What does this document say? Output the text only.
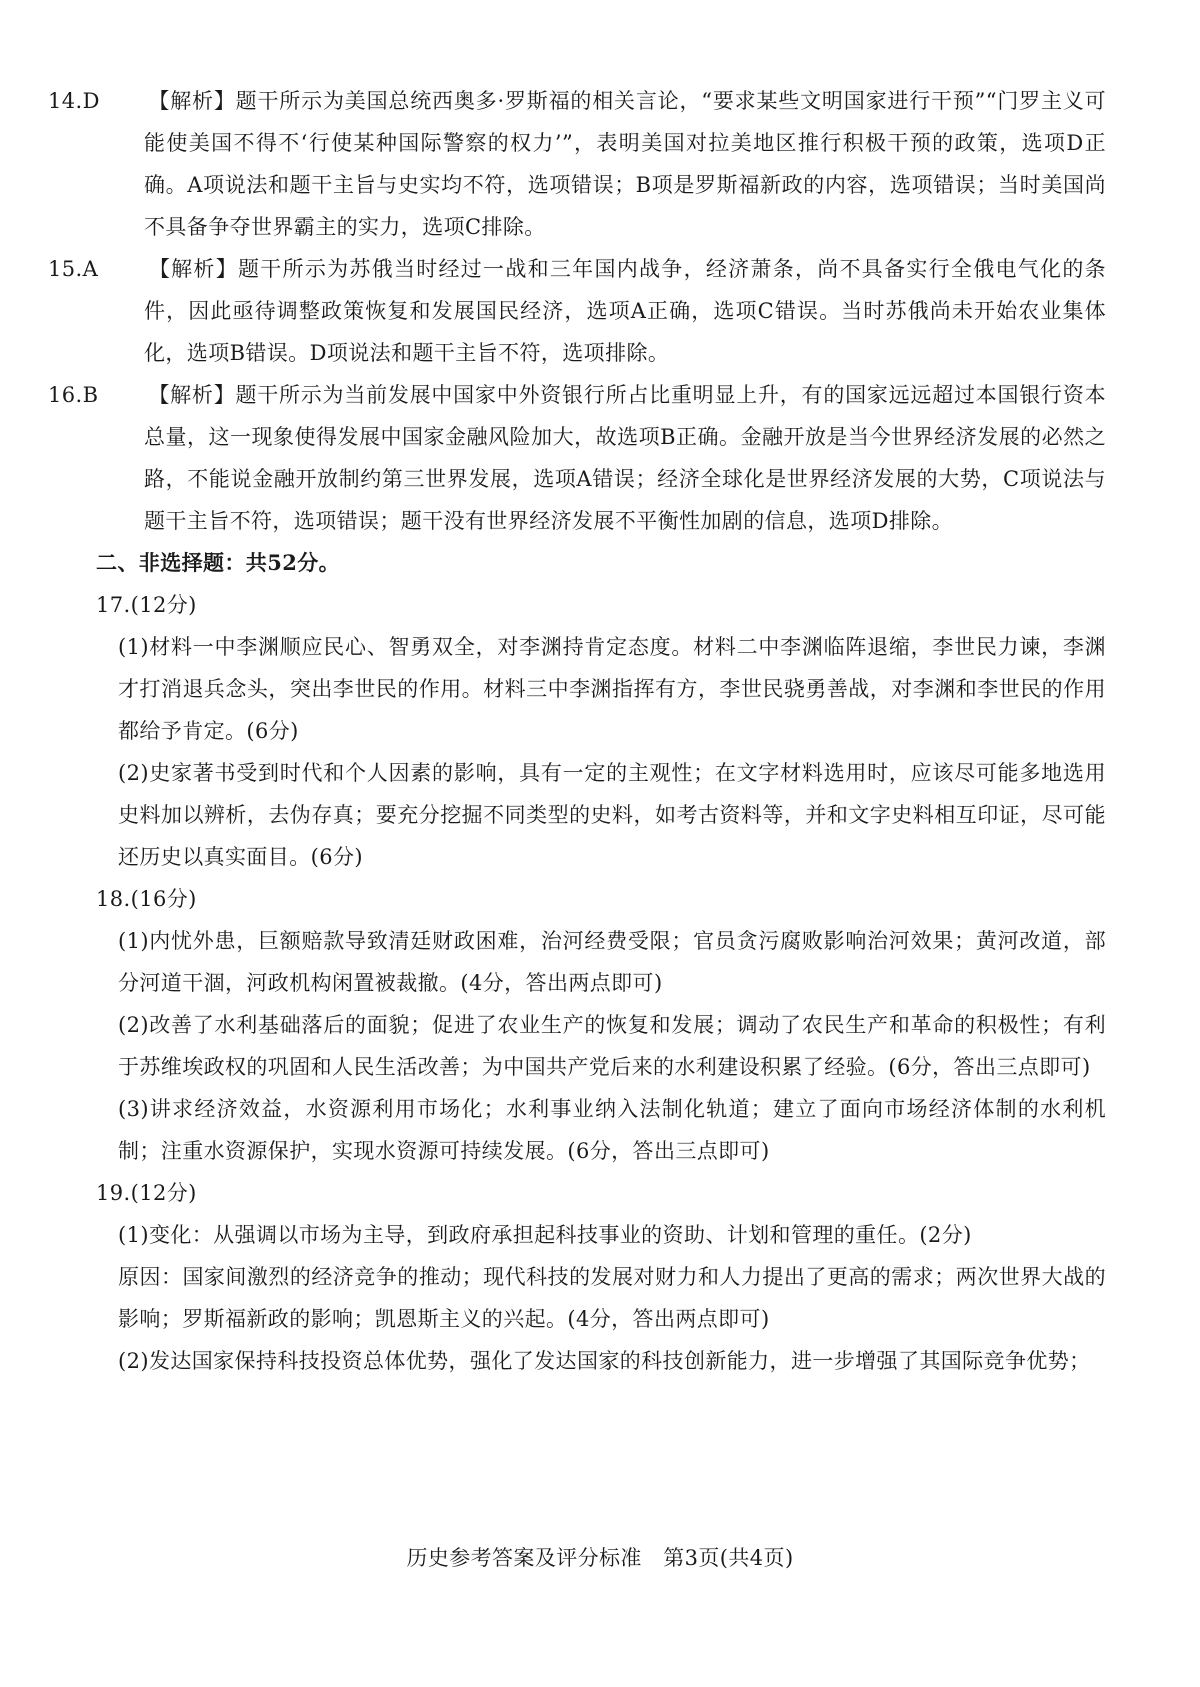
14.D 【解析】题干所示为美国总统西奥多·罗斯福的相关言论，“要求某些文明国家进行干预”“门罗主义可能使美国不得不‘行使某种国际警察的权力’”，表明美国对拉美地区推行积极干预的政策，选项D正确。A项说法和题干主旨与史实均不符，选项错误；B项是罗斯福新政的内容，选项错误；当时美国尚不具备争夺世界霸主的实力，选项C排除。

15.A 【解析】题干所示为苏俄当时经过一战和三年国内战争，经济萧条，尚不具备实行全俄电气化的条件，因此亟待调整政策恢复和发展国民经济，选项A正确，选项C错误。当时苏俄尚未开始农业集体化，选项B错误。D项说法和题干主旨不符，选项排除。

16.B 【解析】题干所示为当前发展中国家中外资银行所占比重明显上升，有的国家远远超过本国银行资本总量，这一现象使得发展中国家金融风险加大，故选项B正确。金融开放是当今世界经济发展的必然之路，不能说金融开放制约第三世界发展，选项A错误；经济全球化是世界经济发展的大势，C项说法与题干主旨不符，选项错误；题干没有世界经济发展不平衡性加剧的信息，选项D排除。

二、非选择题：共52分。

17.(12分)

(1)材料一中李渊顺应民心、智勇双全，对李渊持肯定态度。材料二中李渊临阵退缩，李世民力谏，李渊才打消退兵念头，突出李世民的作用。材料三中李渊指挥有方，李世民骁勇善战，对李渊和李世民的作用都给予肯定。(6分)

(2)史家著书受到时代和个人因素的影响，具有一定的主观性；在文字材料选用时，应该尽可能多地选用史料加以辨析，去伪存真；要充分挖掘不同类型的史料，如考古资料等，并和文字史料相互印证，尽可能还历史以真实面目。(6分)

18.(16分)

(1)内忧外患，巨额赔款导致清廷财政困难，治河经费受限；官员贪污腐败影响治河效果；黄河改道，部分河道干涸，河政机构闲置被裁撤。(4分，答出两点即可)

(2)改善了水利基础落后的面貌；促进了农业生产的恢复和发展；调动了农民生产和革命的积极性；有利于苏维埃政权的巩固和人民生活改善；为中国共产党后来的水利建设积累了经验。(6分，答出三点即可)

(3)讲求经济效益，水资源利用市场化；水利事业纳入法制化轨道；建立了面向市场经济体制的水利机制；注重水资源保护，实现水资源可持续发展。(6分，答出三点即可)

19.(12分)

(1)变化：从强调以市场为主导，到政府承担起科技事业的资助、计划和管理的重任。(2分)

原因：国家间激烈的经济竞争的推动；现代科技的发展对财力和人力提出了更高的需求；两次世界大战的影响；罗斯福新政的影响；凯恩斯主义的兴起。(4分，答出两点即可)

(2)发达国家保持科技投资总体优势，强化了发达国家的科技创新能力，进一步增强了其国际竞争优势；

历史参考答案及评分标准　第3页(共4页)
